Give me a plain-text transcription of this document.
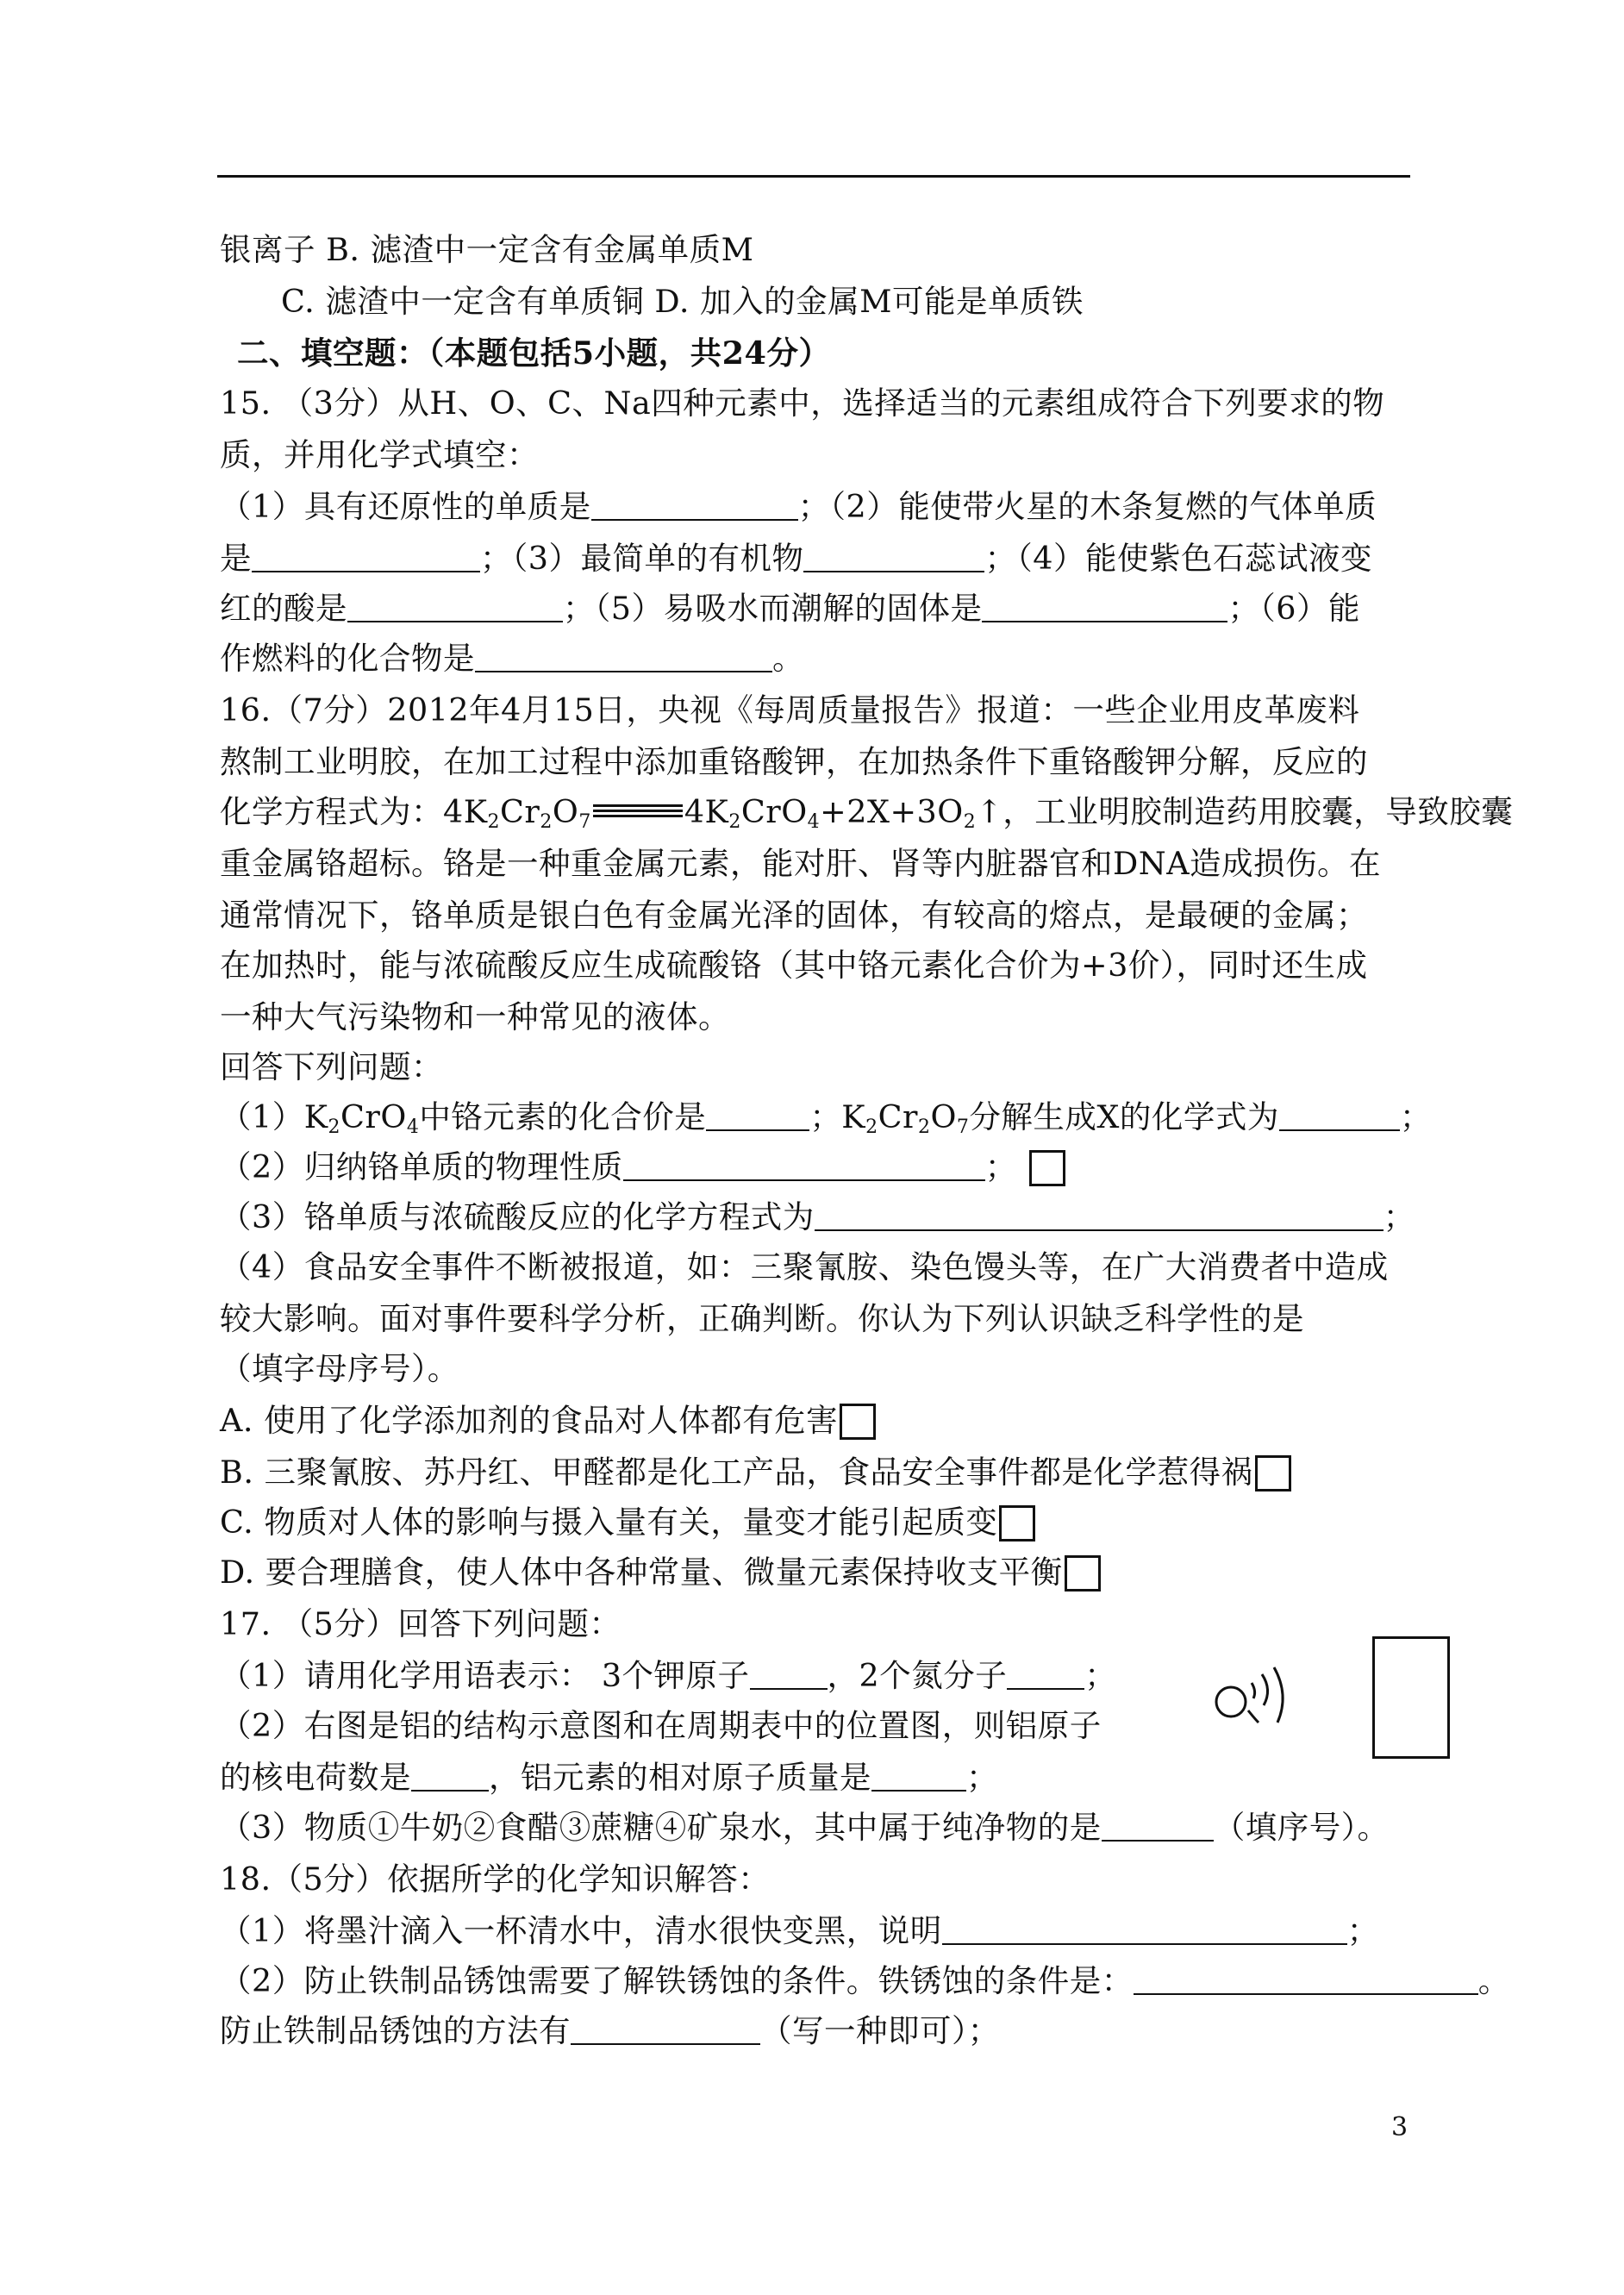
银离子 B. 滤渣中一定含有金属单质M
C. 滤渣中一定含有单质铜 D. 加入的金属M可能是单质铁
二、填空题：（本题包括5小题，共24分）
15. （3分）从H、O、C、Na四种元素中，选择适当的元素组成符合下列要求的物
质，并用化学式填空：
（1）具有还原性的单质是	；（2）能使带火星的木条复燃的气体单质
是	；（3）最简单的有机物	；（4）能使紫色石蕊试液变
红的酸是	；（5）易吸水而潮解的固体是	；（6）能
作燃料的化合物是	。
16.（7分）2012年4月15日，央视《每周质量报告》报道：一些企业用皮革废料
熬制工业明胶，在加工过程中添加重铬酸钾，在加热条件下重铬酸钾分解，反应的
化学方程式为：$4K_2Cr_2O_7$	$4K_2CrO_4+2X+3O_2↑$，工业明胶制造药用胶囊，导致胶囊
重金属铬超标。铬是一种重金属元素，能对肝、肾等内脏器官和DNA造成损伤。在
通常情况下，铬单质是银白色有金属光泽的固体，有较高的熔点，是最硬的金属；
在加热时，能与浓硫酸反应生成硫酸铬（其中铬元素化合价为+3价），同时还生成
一种大气污染物和一种常见的液体。
回答下列问题：
$(1)K_2CrO_4$中铬元素的化合价是	；$K_2Cr_2O_7$分解生成X的化学式为	；
（2）归纳铬单质的物理性质	；
（3）铬单质与浓硫酸反应的化学方程式为	；
（4）食品安全事件不断被报道，如：三聚氰胺、染色馒头等，在广大消费者中造成
较大影响。面对事件要科学分析，正确判断。你认为下列认识缺乏科学性的是
（填字母序号）。
A. 使用了化学添加剂的食品对人体都有危害
B. 三聚氰胺、苏丹红、甲醛都是化工产品，食品安全事件都是化学惹得祸
C. 物质对人体的影响与摄入量有关，量变才能引起质变
D. 要合理膳食，使人体中各种常量、微量元素保持收支平衡
17. （5分）回答下列问题：
（1）请用化学用语表示： 3个钾原子 ，2个氮分子 ；
（2）右图是铝的结构示意图和在周期表中的位置图，则铝原子
的核电荷数是 ，铝元素的相对原子质量是	；
（3）物质①牛奶②食醋③蔗糖④矿泉水，其中属于纯净物的是	（填序号）。
18.（5分）依据所学的化学知识解答：
（1）将墨汁滴入一杯清水中，清水很快变黑，说明	；
（2）防止铁制品锈蚀需要了解铁锈蚀的条件。铁锈蚀的条件是：	。
防止铁制品锈蚀的方法有	（写一种即可）；
3
